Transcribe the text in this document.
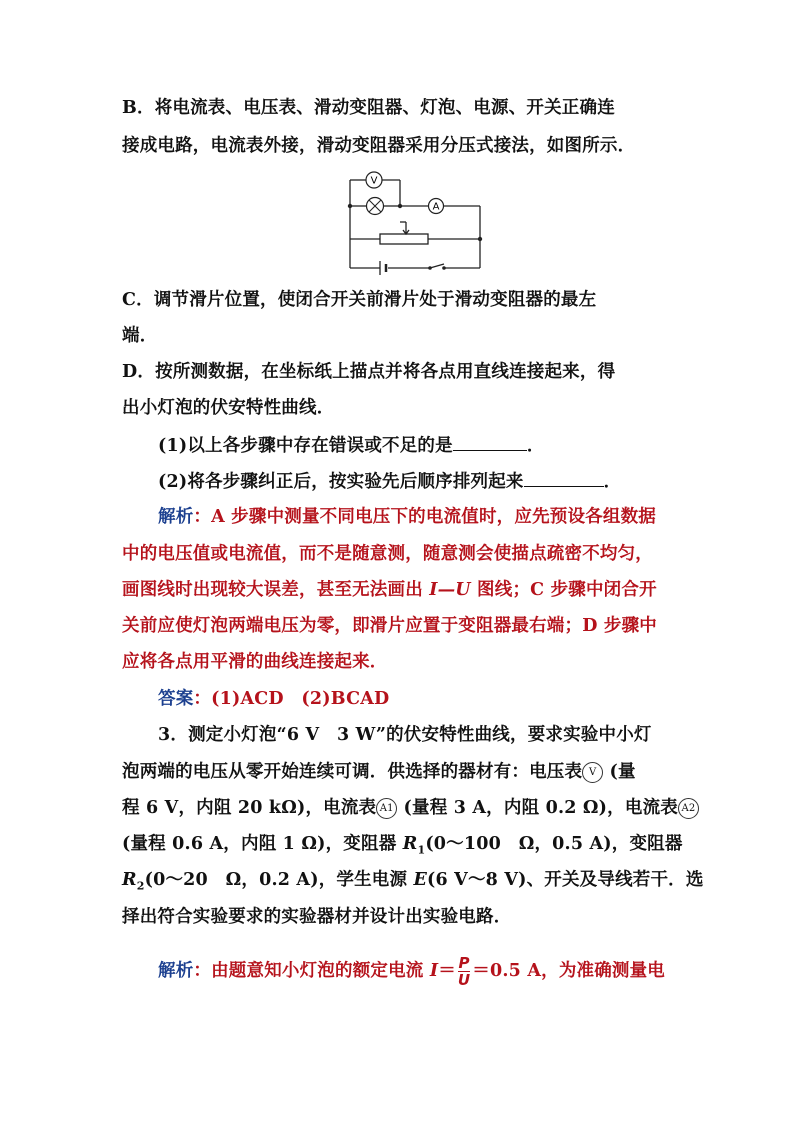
B．将电流表、电压表、滑动变阻器、灯泡、电源、开关正确连
接成电路，电流表外接，滑动变阻器采用分压式接法，如图所示．
V
A
C．调节滑片位置，使闭合开关前滑片处于滑动变阻器的最左
端．
D．按所测数据，在坐标纸上描点并将各点用直线连接起来，得
出小灯泡的伏安特性曲线．
(1)以上各步骤中存在错误或不足的是	．
(2)将各步骤纠正后，按实验先后顺序排列起来	．
解析：A 步骤中测量不同电压下的电流值时，应先预设各组数据
中的电压值或电流值，而不是随意测，随意测会使描点疏密不均匀，
画图线时出现较大误差，甚至无法画出 I—U 图线；C 步骤中闭合开
关前应使灯泡两端电压为零，即滑片应置于变阻器最右端；D 步骤中
应将各点用平滑的曲线连接起来．
答案：(1)ACD　(2)BCAD
3．测定小灯泡“6 V　3 W”的伏安特性曲线，要求实验中小灯
泡两端的电压从零开始连续可调．供选择的器材有：电压表 V (量
程 6 V，内阻 20 kΩ)，电流表 A1 (量程 3 A，内阻 0.2 Ω)，电流表 A2
(量程 0.6 A，内阻 1 Ω)，变阻器 $R_1(0\sim 100$　Ω，0.5 A)，变阻器
$R_2(0\sim 20$　Ω，0.2 A)，学生电源 E(6 V～8 V)、开关及导线若干．选
择出符合实验要求的实验器材并设计出实验电路．
解析：由题意知小灯泡的额定电流 $I= \frac{P}{U} =0.5$ A，为准确测量电
